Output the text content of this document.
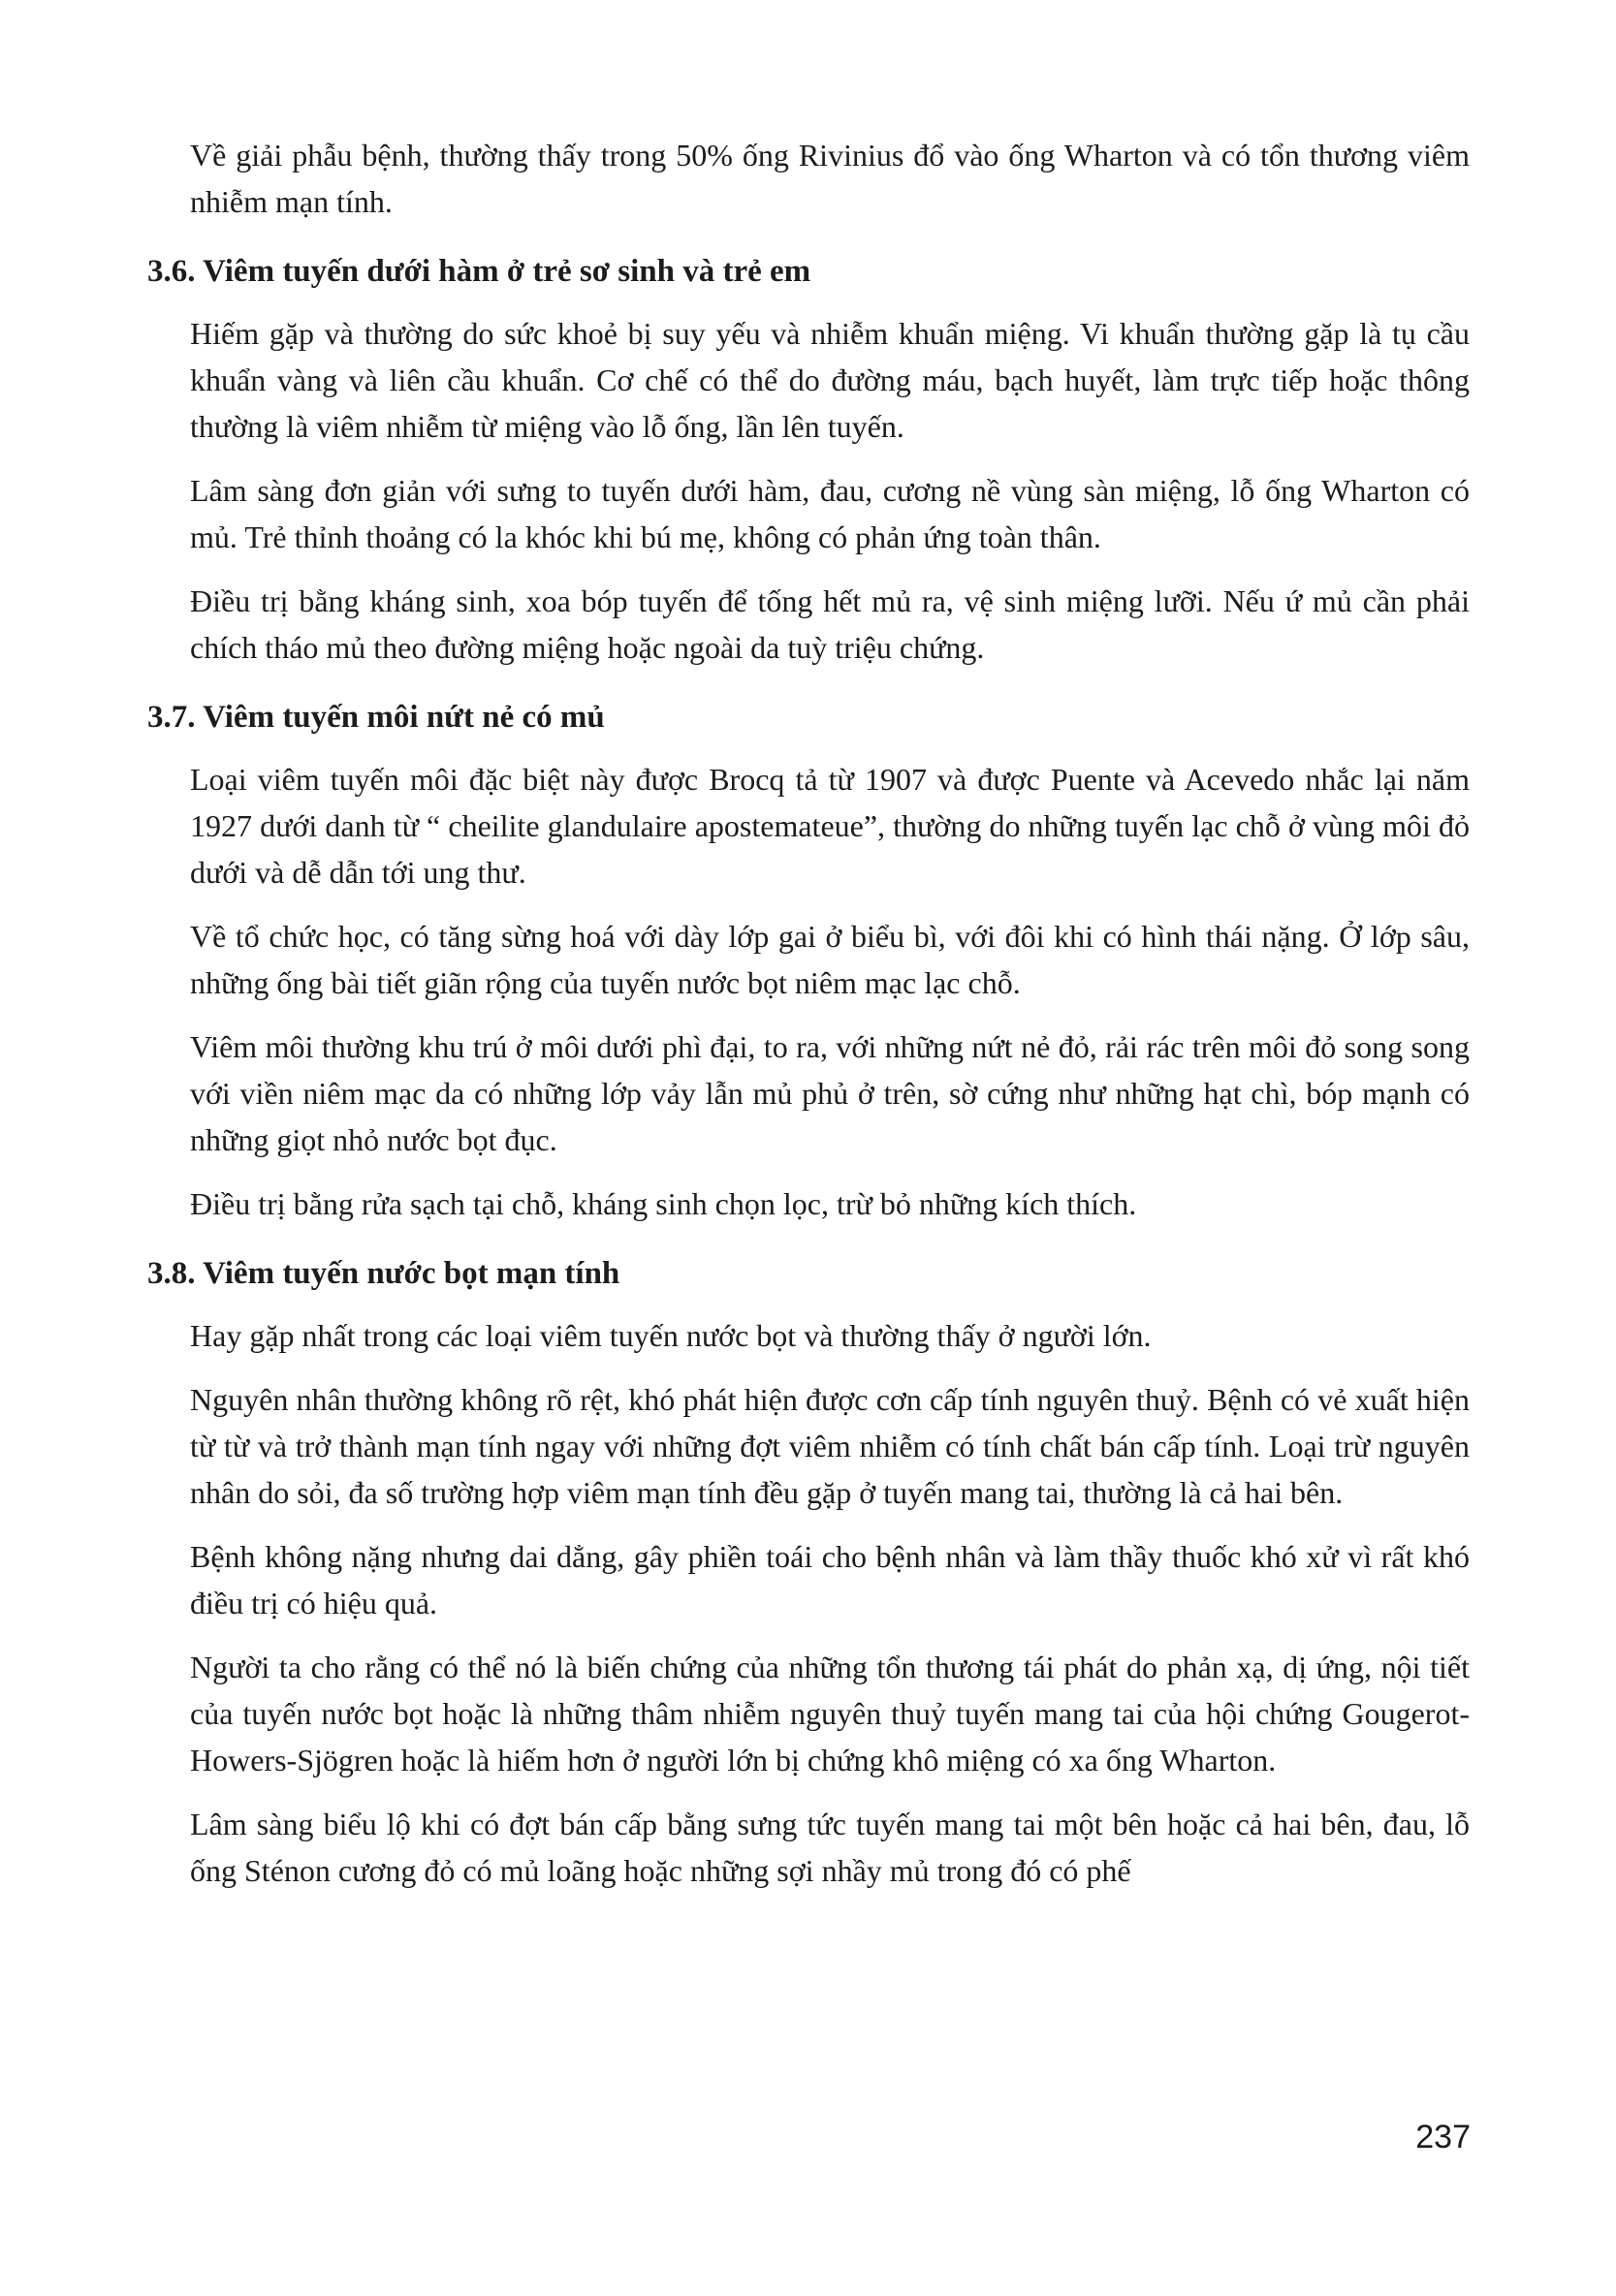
Về giải phẫu bệnh, thường thấy trong 50% ống Rivinius đổ vào ống Wharton và có tổn thương viêm nhiễm mạn tính.

3.6. Viêm tuyến dưới hàm ở trẻ sơ sinh và trẻ em

Hiếm gặp và thường do sức khoẻ bị suy yếu và nhiễm khuẩn miệng. Vi khuẩn thường gặp là tụ cầu khuẩn vàng và liên cầu khuẩn. Cơ chế có thể do đường máu, bạch huyết, làm trực tiếp hoặc thông thường là viêm nhiễm từ miệng vào lỗ ống, lần lên tuyến.

Lâm sàng đơn giản với sưng to tuyến dưới hàm, đau, cương nề vùng sàn miệng, lỗ ống Wharton có mủ. Trẻ thỉnh thoảng có la khóc khi bú mẹ, không có phản ứng toàn thân.

Điều trị bằng kháng sinh, xoa bóp tuyến để tống hết mủ ra, vệ sinh miệng lưỡi. Nếu ứ mủ cần phải chích tháo mủ theo đường miệng hoặc ngoài da tuỳ triệu chứng.

3.7. Viêm tuyến môi nứt nẻ có mủ

Loại viêm tuyến môi đặc biệt này được Brocq tả từ 1907 và được Puente và Acevedo nhắc lại năm 1927 dưới danh từ “ cheilite glandulaire apostemateue”, thường do những tuyến lạc chỗ ở vùng môi đỏ dưới và dễ dẫn tới ung thư.

Về tổ chức học, có tăng sừng hoá với dày lớp gai ở biểu bì, với đôi khi có hình thái nặng. Ở lớp sâu, những ống bài tiết giãn rộng của tuyến nước bọt niêm mạc lạc chỗ.

Viêm môi thường khu trú ở môi dưới phì đại, to ra, với những nứt nẻ đỏ, rải rác trên môi đỏ song song với viền niêm mạc da có những lớp vảy lẫn mủ phủ ở trên, sờ cứng như những hạt chì, bóp mạnh có những giọt nhỏ nước bọt đục.

Điều trị bằng rửa sạch tại chỗ, kháng sinh chọn lọc, trừ bỏ những kích thích.

3.8. Viêm tuyến nước bọt mạn tính

Hay gặp nhất trong các loại viêm tuyến nước bọt và thường thấy ở người lớn.

Nguyên nhân thường không rõ rệt, khó phát hiện được cơn cấp tính nguyên thuỷ. Bệnh có vẻ xuất hiện từ từ và trở thành mạn tính ngay với những đợt viêm nhiễm có tính chất bán cấp tính. Loại trừ nguyên nhân do sỏi, đa số trường hợp viêm mạn tính đều gặp ở tuyến mang tai, thường là cả hai bên.

Bệnh không nặng nhưng dai dẳng, gây phiền toái cho bệnh nhân và làm thầy thuốc khó xử vì rất khó điều trị có hiệu quả.

Người ta cho rằng có thể nó là biến chứng của những tổn thương tái phát do phản xạ, dị ứng, nội tiết của tuyến nước bọt hoặc là những thâm nhiễm nguyên thuỷ tuyến mang tai của hội chứng Gougerot-Howers-Sjögren hoặc là hiếm hơn ở người lớn bị chứng khô miệng có xa ống Wharton.

Lâm sàng biểu lộ khi có đợt bán cấp bằng sưng tức tuyến mang tai một bên hoặc cả hai bên, đau, lỗ ống Sténon cương đỏ có mủ loãng hoặc những sợi nhầy mủ trong đó có phế

237
